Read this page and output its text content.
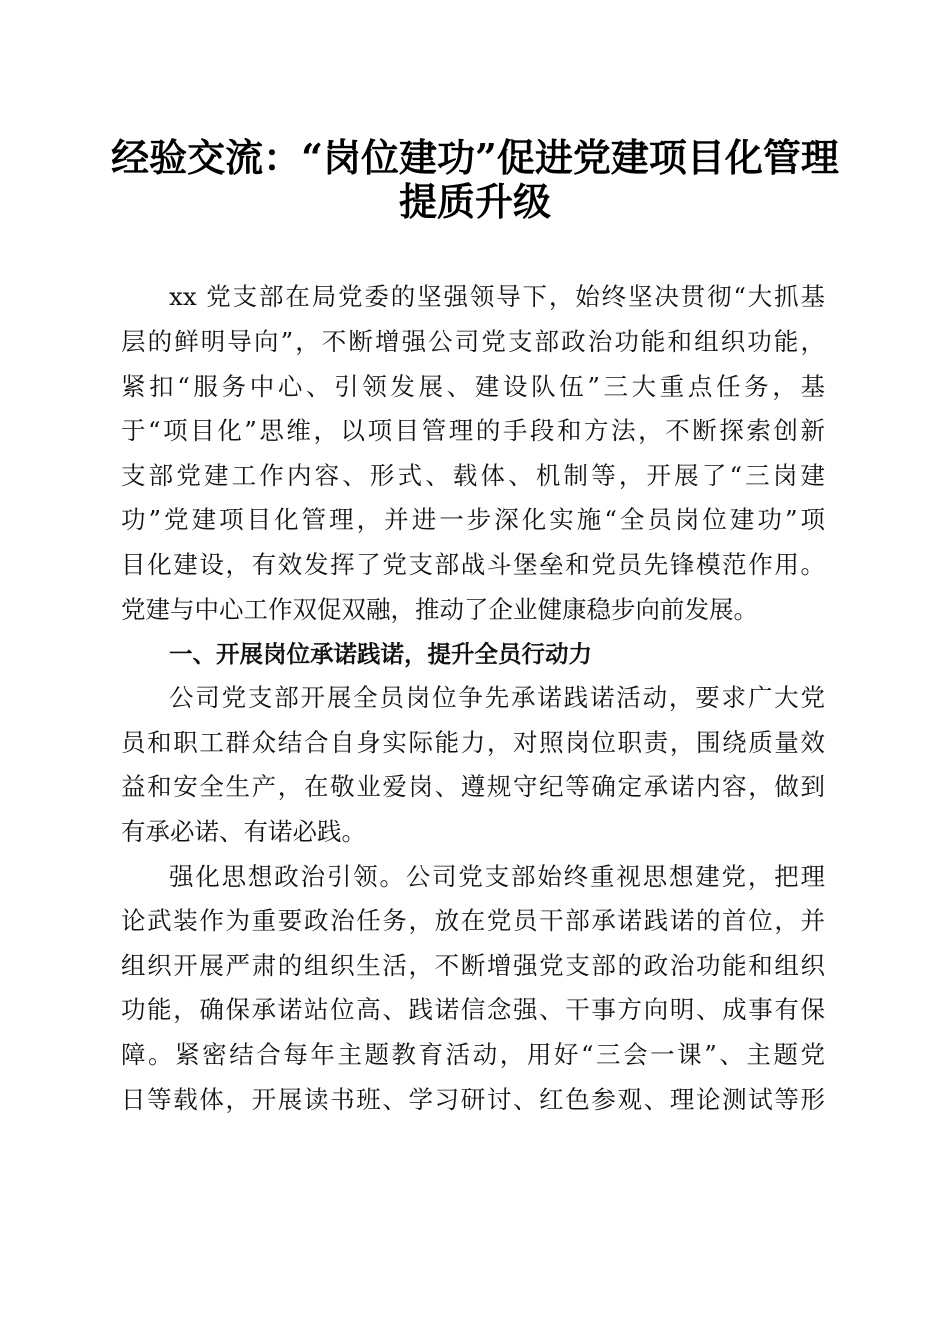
经验交流：“岗位建功”促进党建项目化管理
提质升级

xx 党支部在局党委的坚强领导下，始终坚决贯彻“大抓基

层的鲜明导向”，不断增强公司党支部政治功能和组织功能，

紧扣“服务中心、引领发展、建设队伍”三大重点任务，基

于“项目化”思维，以项目管理的手段和方法，不断探索创新

支部党建工作内容、形式、载体、机制等，开展了“三岗建

功”党建项目化管理，并进一步深化实施“全员岗位建功”项

目化建设，有效发挥了党支部战斗堡垒和党员先锋模范作用。

党建与中心工作双促双融，推动了企业健康稳步向前发展。

一、开展岗位承诺践诺，提升全员行动力

公司党支部开展全员岗位争先承诺践诺活动，要求广大党

员和职工群众结合自身实际能力，对照岗位职责，围绕质量效

益和安全生产，在敬业爱岗、遵规守纪等确定承诺内容，做到

有承必诺、有诺必践。

强化思想政治引领。公司党支部始终重视思想建党，把理

论武装作为重要政治任务，放在党员干部承诺践诺的首位，并

组织开展严肃的组织生活，不断增强党支部的政治功能和组织

功能，确保承诺站位高、践诺信念强、干事方向明、成事有保

障。紧密结合每年主题教育活动，用好“三会一课”、主题党

日等载体，开展读书班、学习研讨、红色参观、理论测试等形
